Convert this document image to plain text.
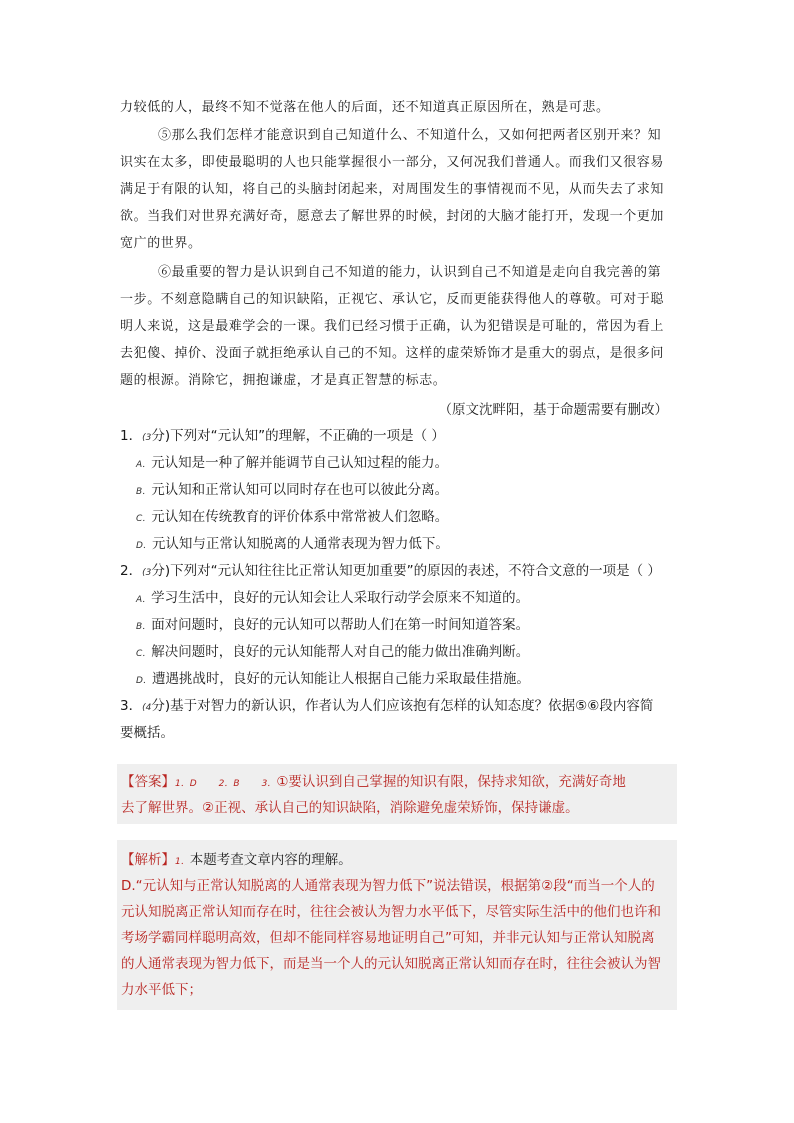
力较低的人，最终不知不觉落在他人的后面，还不知道真正原因所在，熟是可悲。
⑤那么我们怎样才能意识到自己知道什么、不知道什么，又如何把两者区别开来？知
识实在太多，即使最聪明的人也只能掌握很小一部分，又何况我们普通人。而我们又很容易
满足于有限的认知，将自己的头脑封闭起来，对周围发生的事情视而不见，从而失去了求知
欲。当我们对世界充满好奇，愿意去了解世界的时候，封闭的大脑才能打开，发现一个更加
宽广的世界。
⑥最重要的智力是认识到自己不知道的能力，认识到自己不知道是走向自我完善的第
一步。不刻意隐瞒自己的知识缺陷，正视它、承认它，反而更能获得他人的尊敬。可对于聪
明人来说，这是最难学会的一课。我们已经习惯于正确，认为犯错误是可耻的，常因为看上
去犯傻、掉价、没面子就拒绝承认自己的不知。这样的虚荣矫饰才是重大的弱点，是很多问
题的根源。消除它，拥抱谦虚，才是真正智慧的标志。
（原文沈畔阳，基于命题需要有删改）
1．(3分)下列对“元认知”的理解，不正确的一项是（ ）
A．元认知是一种了解并能调节自己认知过程的能力。
B．元认知和正常认知可以同时存在也可以彼此分离。
C．元认知在传统教育的评价体系中常常被人们忽略。
D．元认知与正常认知脱离的人通常表现为智力低下。
2．(3分)下列对“元认知往往比正常认知更加重要”的原因的表述，不符合文意的一项是（ ）
A．学习生活中，良好的元认知会让人采取行动学会原来不知道的。
B．面对问题时，良好的元认知可以帮助人们在第一时间知道答案。
C．解决问题时，良好的元认知能帮人对自己的能力做出准确判断。
D．遭遇挑战时，良好的元认知能让人根据自己能力采取最佳措施。
3．(4分)基于对智力的新认识，作者认为人们应该抱有怎样的认知态度？依据⑤⑥段内容简
要概括。
【答案】1．D 2．B 3．①要认识到自己掌握的知识有限，保持求知欲，充满好奇地
去了解世界。②正视、承认自己的知识缺陷，消除避免虚荣矫饰，保持谦虚。
【解析】1．本题考查文章内容的理解。
D.“元认知与正常认知脱离的人通常表现为智力低下”说法错误，根据第②段“而当一个人的
元认知脱离正常认知而存在时，往往会被认为智力水平低下，尽管实际生活中的他们也许和
考场学霸同样聪明高效，但却不能同样容易地证明自己”可知，并非元认知与正常认知脱离
的人通常表现为智力低下，而是当一个人的元认知脱离正常认知而存在时，往往会被认为智
力水平低下；
